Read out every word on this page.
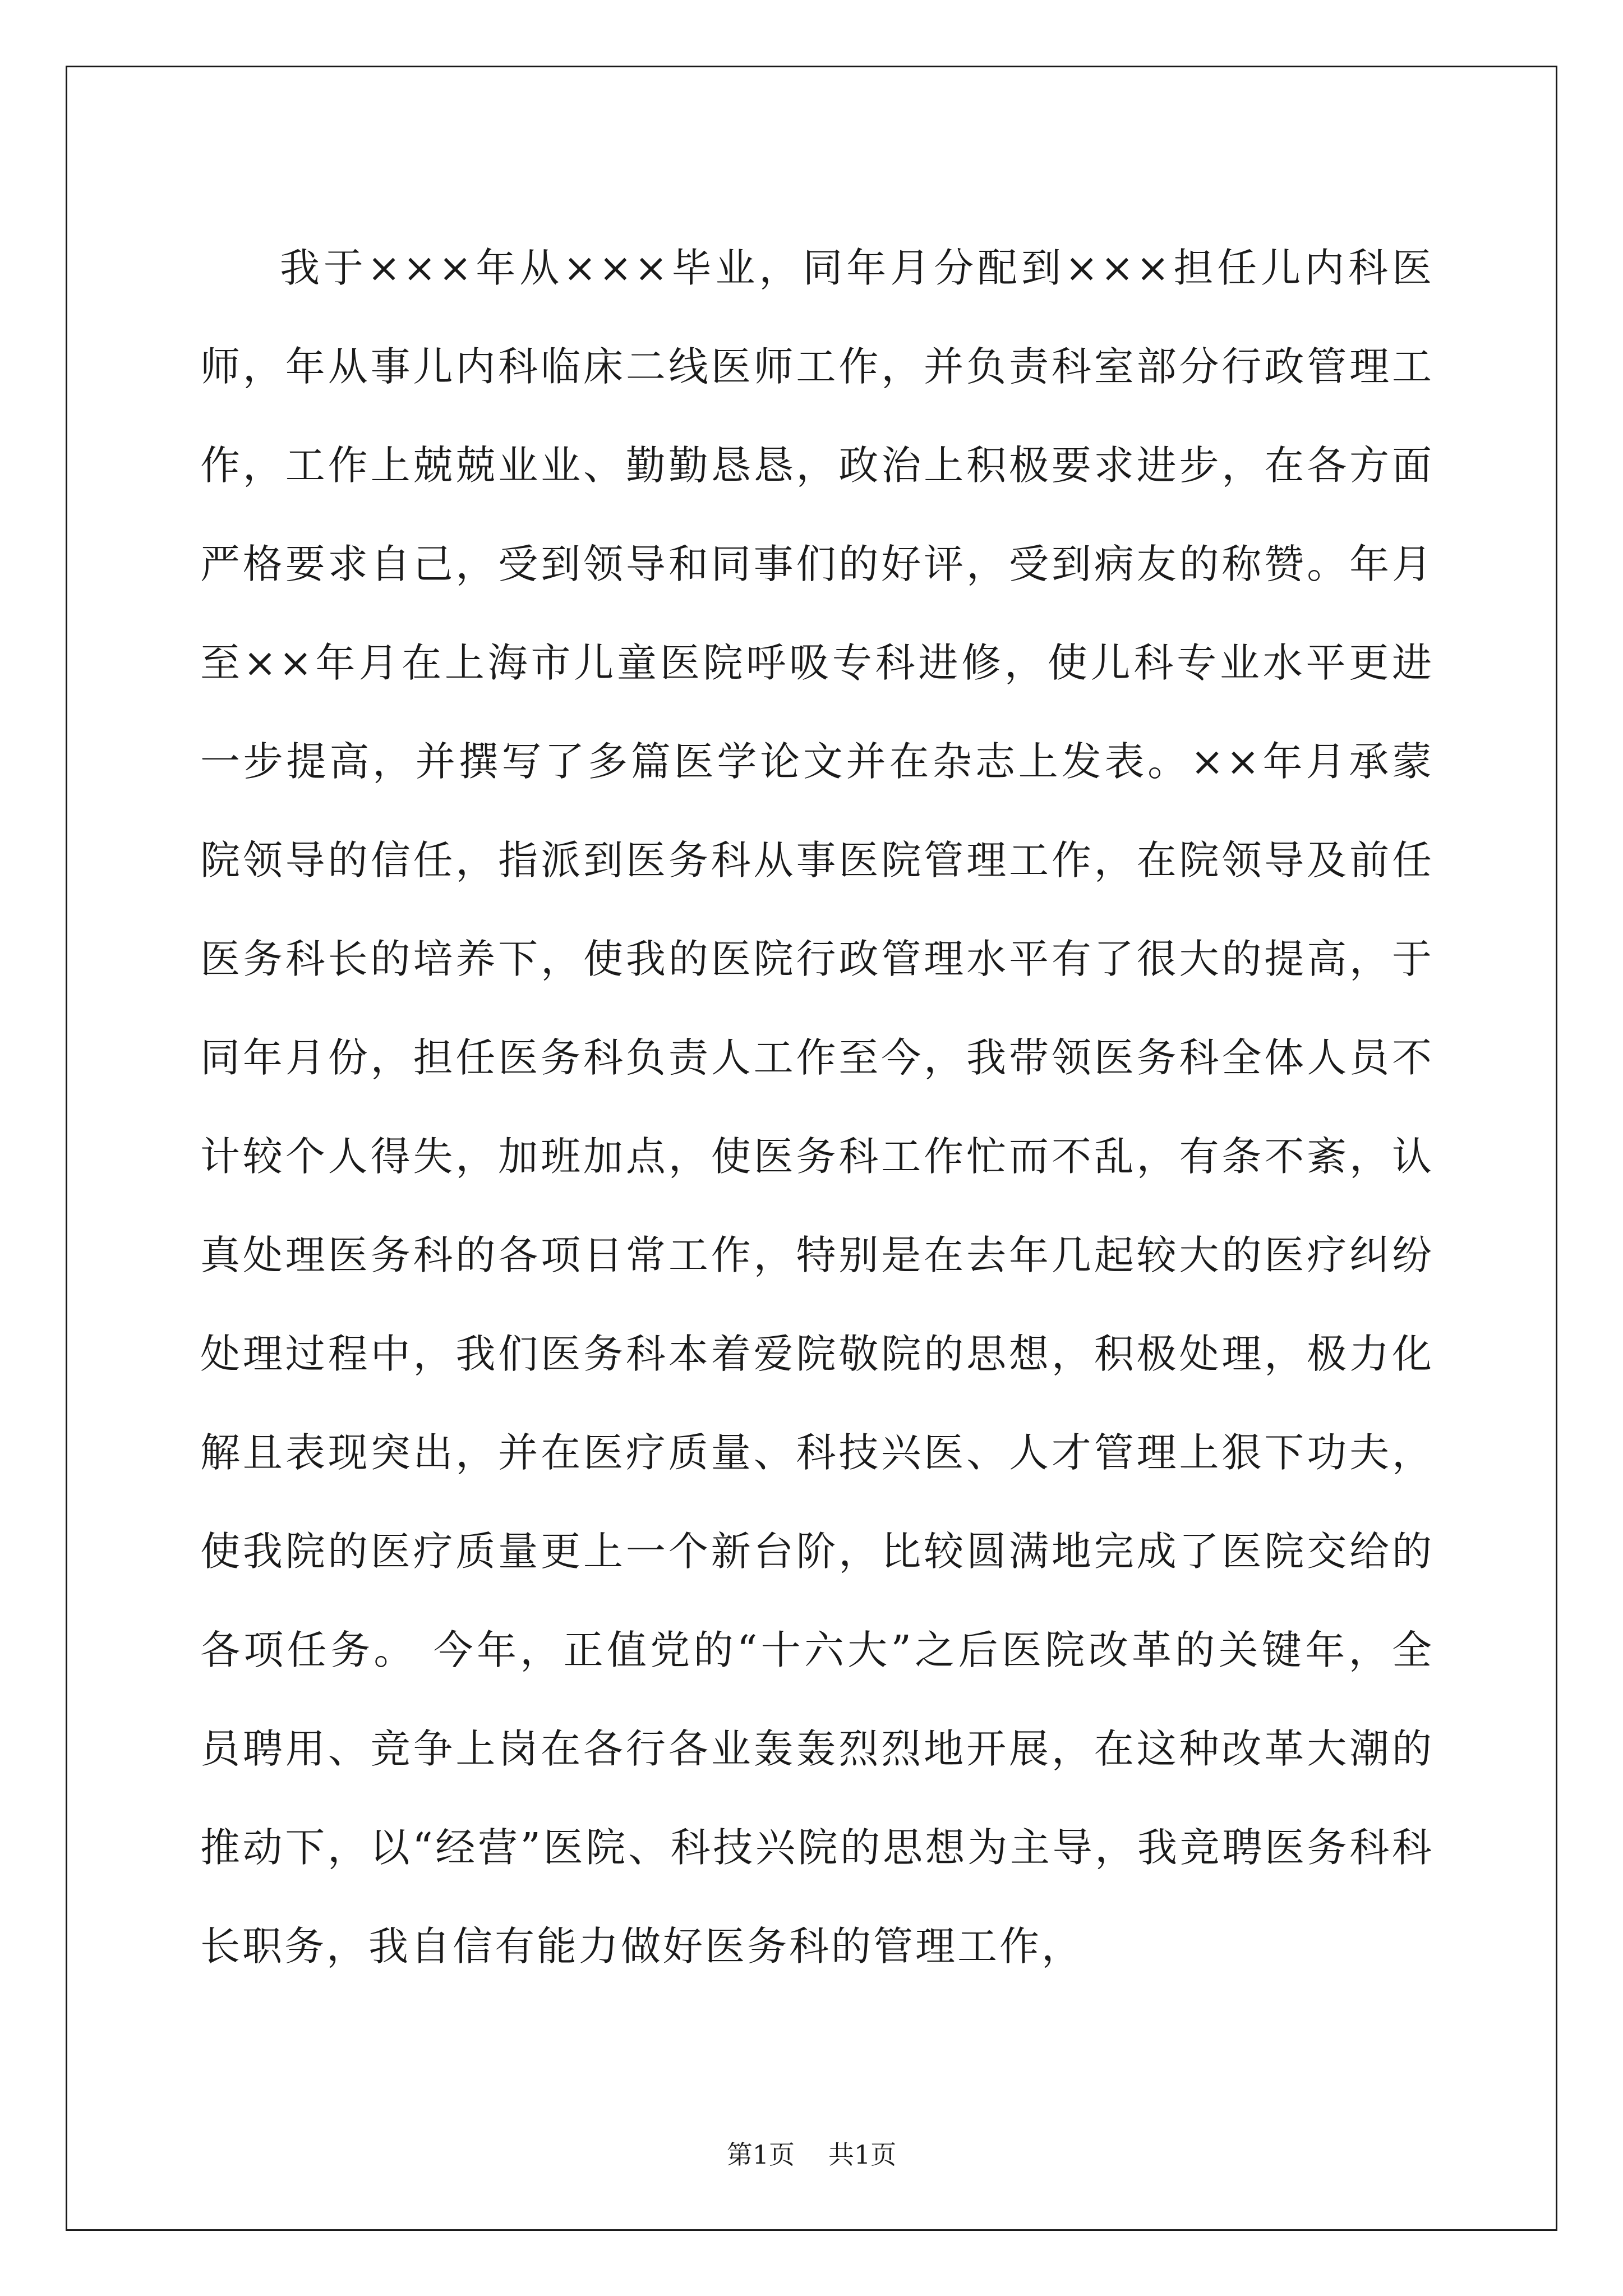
我于×××年从×××毕业，同年月分配到×××担任儿内科医师，年从事儿内科临床二线医师工作，并负责科室部分行政管理工作，工作上兢兢业业、勤勤恳恳，政治上积极要求进步，在各方面严格要求自己，受到领导和同事们的好评，受到病友的称赞。年月至××年月在上海市儿童医院呼吸专科进修，使儿科专业水平更进一步提高，并撰写了多篇医学论文并在杂志上发表。××年月承蒙院领导的信任，指派到医务科从事医院管理工作，在院领导及前任医务科长的培养下，使我的医院行政管理水平有了很大的提高，于同年月份，担任医务科负责人工作至今，我带领医务科全体人员不计较个人得失，加班加点，使医务科工作忙而不乱，有条不紊，认真处理医务科的各项日常工作，特别是在去年几起较大的医疗纠纷处理过程中，我们医务科本着爱院敬院的思想，积极处理，极力化解且表现突出，并在医疗质量、科技兴医、人才管理上狠下功夫，使我院的医疗质量更上一个新台阶，比较圆满地完成了医院交给的各项任务。 今年，正值党的“十六大”之后医院改革的关键年，全员聘用、竞争上岗在各行各业轰轰烈烈地开展，在这种改革大潮的推动下，以“经营”医院、科技兴院的思想为主导，我竞聘医务科科长职务，我自信有能力做好医务科的管理工作，

第1页 共1页
